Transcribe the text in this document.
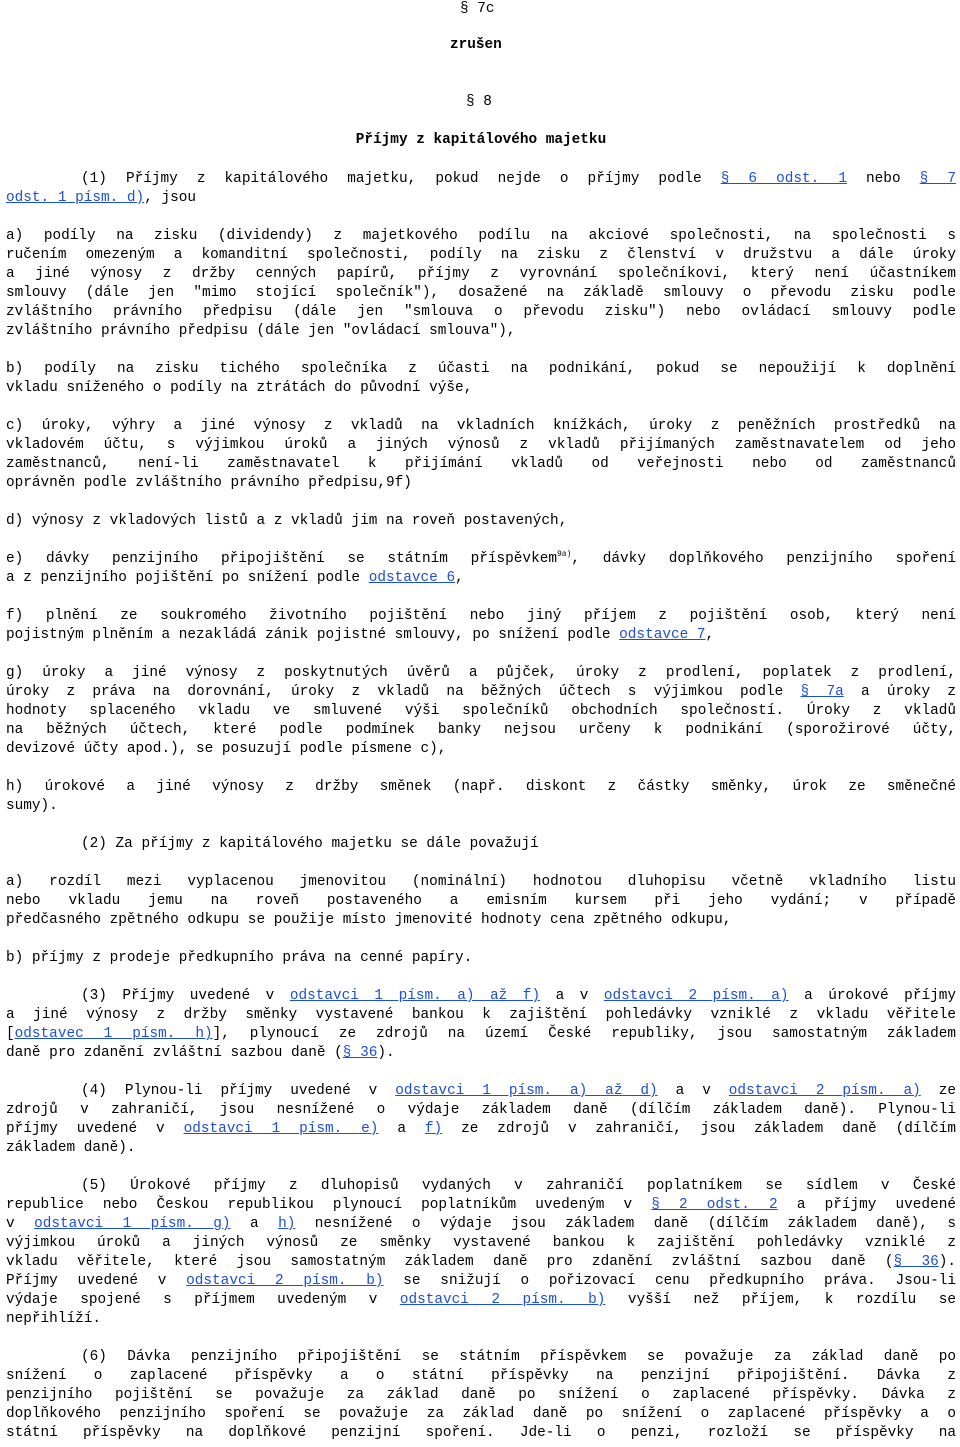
§ 7c
zrušen
§ 8
Příjmy z kapitálového majetku
(1) Příjmy z kapitálového majetku, pokud nejde o příjmy podle § 6 odst. 1 nebo § 7
odst. 1 písm. d), jsou
a) podíly na zisku (dividendy) z majetkového podílu na akciové společnosti, na společnosti s
ručením omezeným a komanditní společnosti, podíly na zisku z členství v družstvu a dále úroky
a jiné výnosy z držby cenných papírů, příjmy z vyrovnání společníkovi, který není účastníkem
smlouvy (dále jen "mimo stojící společník"), dosažené na základě smlouvy o převodu zisku podle
zvláštního právního předpisu (dále jen "smlouva o převodu zisku") nebo ovládací smlouvy podle
zvláštního právního předpisu (dále jen "ovládací smlouva"),
b) podíly na zisku tichého společníka z účasti na podnikání, pokud se nepoužijí k doplnění
vkladu sníženého o podíly na ztrátách do původní výše,
c) úroky, výhry a jiné výnosy z vkladů na vkladních knížkách, úroky z peněžních prostředků na
vkladovém účtu, s výjimkou úroků a jiných výnosů z vkladů přijímaných zaměstnavatelem od jeho
zaměstnanců, není-li zaměstnavatel k přijímání vkladů od veřejnosti nebo od zaměstnanců
oprávněn podle zvláštního právního předpisu,9f)
d) výnosy z vkladových listů a z vkladů jim na roveň postavených,
e) dávky penzijního připojištění se státním příspěvkem$^{9a)}$, dávky doplňkového penzijního spoření
a z penzijního pojištění po snížení podle odstavce 6,
f) plnění ze soukromého životního pojištění nebo jiný příjem z pojištění osob, který není
pojistným plněním a nezakládá zánik pojistné smlouvy, po snížení podle odstavce 7,
g) úroky a jiné výnosy z poskytnutých úvěrů a půjček, úroky z prodlení, poplatek z prodlení,
úroky z práva na dorovnání, úroky z vkladů na běžných účtech s výjimkou podle § 7a a úroky z
hodnoty splaceného vkladu ve smluvené výši společníků obchodních společností. Úroky z vkladů
na běžných účtech, které podle podmínek banky nejsou určeny k podnikání (sporožirové účty,
devizové účty apod.), se posuzují podle písmene c),
h) úrokové a jiné výnosy z držby směnek (např. diskont z částky směnky, úrok ze směnečné
sumy).
(2) Za příjmy z kapitálového majetku se dále považují
a) rozdíl mezi vyplacenou jmenovitou (nominální) hodnotou dluhopisu včetně vkladního listu
nebo vkladu jemu na roveň postaveného a emisním kursem při jeho vydání; v případě
předčasného zpětného odkupu se použije místo jmenovité hodnoty cena zpětného odkupu,
b) příjmy z prodeje předkupního práva na cenné papíry.
(3) Příjmy uvedené v odstavci 1 písm. a) až f) a v odstavci 2 písm. a) a úrokové příjmy
a jiné výnosy z držby směnky vystavené bankou k zajištění pohledávky vzniklé z vkladu věřitele
[odstavec 1 písm. h)], plynoucí ze zdrojů na území České republiky, jsou samostatným základem
daně pro zdanění zvláštní sazbou daně (§ 36).
(4) Plynou-li příjmy uvedené v odstavci 1 písm. a) až d) a v odstavci 2 písm. a) ze
zdrojů v zahraničí, jsou nesnížené o výdaje základem daně (dílčím základem daně). Plynou-li
příjmy uvedené v odstavci 1 písm. e) a f) ze zdrojů v zahraničí, jsou základem daně (dílčím
základem daně).
(5) Úrokové příjmy z dluhopisů vydaných v zahraničí poplatníkem se sídlem v České
republice nebo Českou republikou plynoucí poplatníkům uvedeným v § 2 odst. 2 a příjmy uvedené
v odstavci 1 písm. g) a h) nesnížené o výdaje jsou základem daně (dílčím základem daně), s
výjimkou úroků a jiných výnosů ze směnky vystavené bankou k zajištění pohledávky vzniklé z
vkladu věřitele, které jsou samostatným základem daně pro zdanění zvláštní sazbou daně (§ 36).
Příjmy uvedené v odstavci 2 písm. b) se snižují o pořizovací cenu předkupního práva. Jsou-li
výdaje spojené s příjmem uvedeným v odstavci 2 písm. b) vyšší než příjem, k rozdílu se
nepřihlíží.
(6) Dávka penzijního připojištění se státním příspěvkem se považuje za základ daně po
snížení o zaplacené příspěvky a o státní příspěvky na penzijní připojištění. Dávka z
penzijního pojištění se považuje za základ daně po snížení o zaplacené příspěvky. Dávka z
doplňkového penzijního spoření se považuje za základ daně po snížení o zaplacené příspěvky a o
státní příspěvky na doplňkové penzijní spoření. Jde-li o penzi, rozloží se příspěvky na
